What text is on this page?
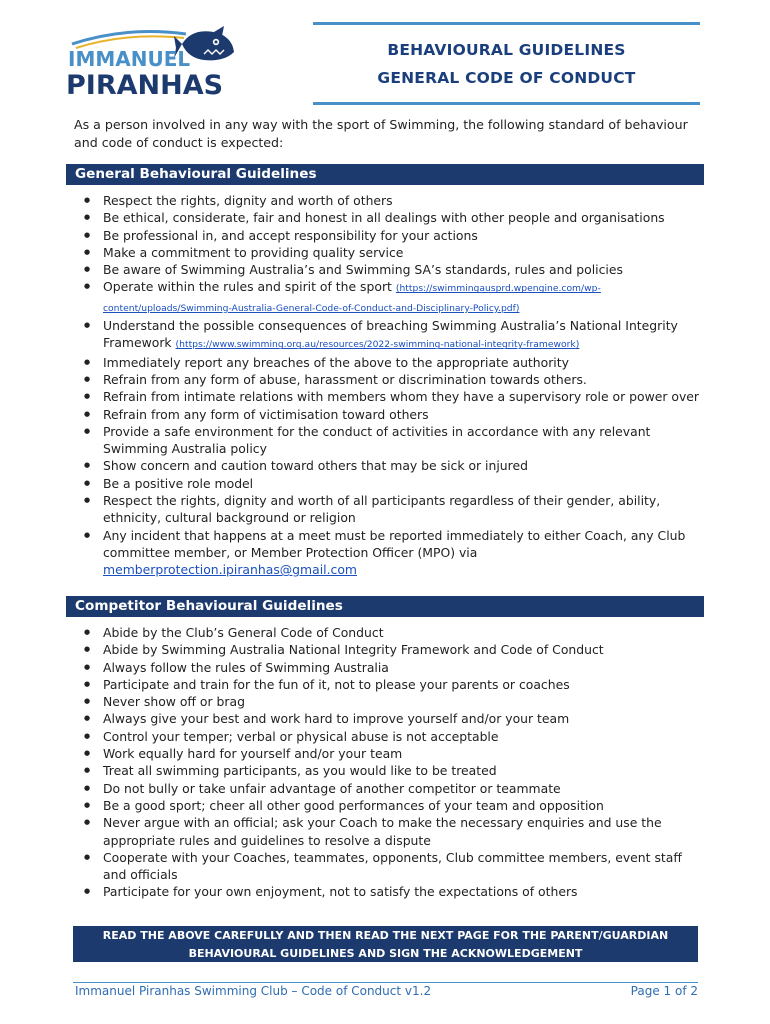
IMMANUEL
PIRANHAS
BEHAVIOURAL GUIDELINES
GENERAL CODE OF CONDUCT
As a person involved in any way with the sport of Swimming, the following standard of behaviour and code of conduct is expected:
General Behavioural Guidelines
● Respect the rights, dignity and worth of others
● Be ethical, considerate, fair and honest in all dealings with other people and organisations
● Be professional in, and accept responsibility for your actions
● Make a commitment to providing quality service
● Be aware of Swimming Australia’s and Swimming SA’s standards, rules and policies
● Operate within the rules and spirit of the sport (https://swimmingausprd.wpengine.com/wp-content/uploads/Swimming-Australia-General-Code-of-Conduct-and-Disciplinary-Policy.pdf)
● Understand the possible consequences of breaching Swimming Australia’s National Integrity Framework (https://www.swimming.org.au/resources/2022-swimming-national-integrity-framework)
● Immediately report any breaches of the above to the appropriate authority
● Refrain from any form of abuse, harassment or discrimination towards others.
● Refrain from intimate relations with members whom they have a supervisory role or power over
● Refrain from any form of victimisation toward others
● Provide a safe environment for the conduct of activities in accordance with any relevant Swimming Australia policy
● Show concern and caution toward others that may be sick or injured
● Be a positive role model
● Respect the rights, dignity and worth of all participants regardless of their gender, ability, ethnicity, cultural background or religion
● Any incident that happens at a meet must be reported immediately to either Coach, any Club committee member, or Member Protection Officer (MPO) via
memberprotection.ipiranhas@gmail.com
Competitor Behavioural Guidelines
● Abide by the Club’s General Code of Conduct
● Abide by Swimming Australia National Integrity Framework and Code of Conduct
● Always follow the rules of Swimming Australia
● Participate and train for the fun of it, not to please your parents or coaches
● Never show off or brag
● Always give your best and work hard to improve yourself and/or your team
● Control your temper; verbal or physical abuse is not acceptable
● Work equally hard for yourself and/or your team
● Treat all swimming participants, as you would like to be treated
● Do not bully or take unfair advantage of another competitor or teammate
● Be a good sport; cheer all other good performances of your team and opposition
● Never argue with an official; ask your Coach to make the necessary enquiries and use the appropriate rules and guidelines to resolve a dispute
● Cooperate with your Coaches, teammates, opponents, Club committee members, event staff and officials
● Participate for your own enjoyment, not to satisfy the expectations of others
READ THE ABOVE CAREFULLY AND THEN READ THE NEXT PAGE FOR THE PARENT/GUARDIAN
BEHAVIOURAL GUIDELINES AND SIGN THE ACKNOWLEDGEMENT
Immanuel Piranhas Swimming Club – Code of Conduct v1.2	Page 1 of 2
